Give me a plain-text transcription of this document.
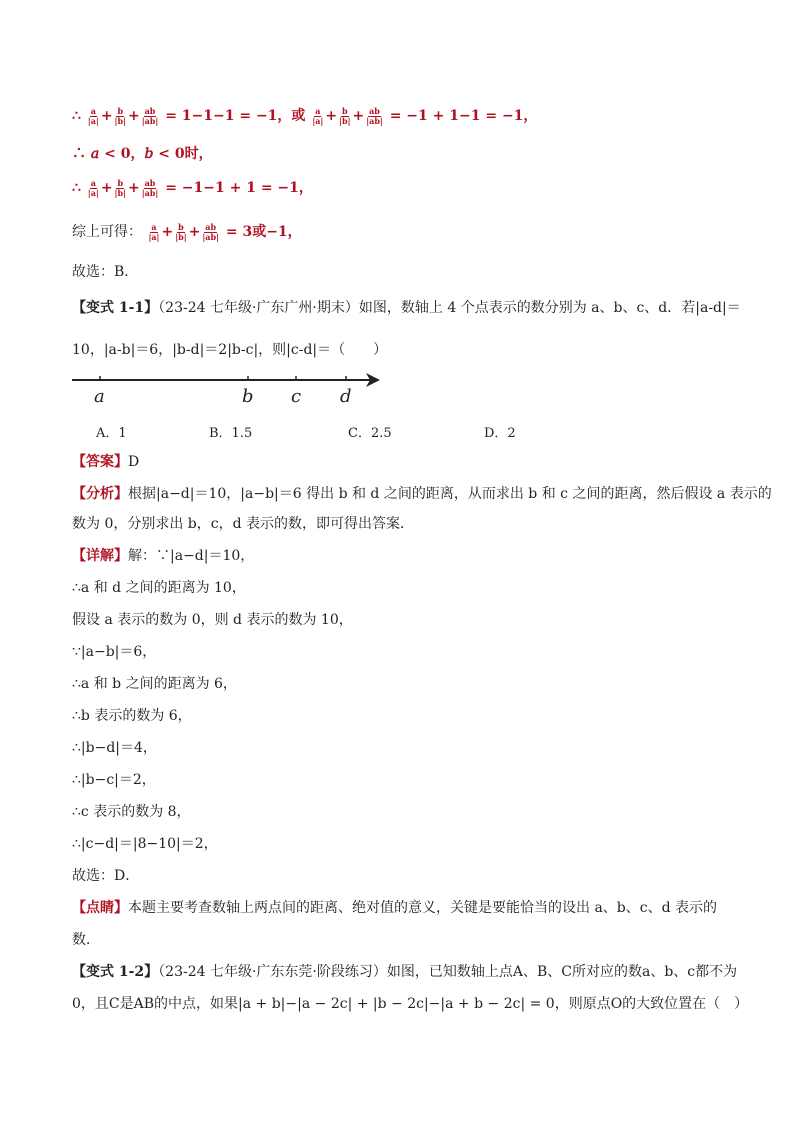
∴ $\frac{a}{|a|} + \frac{b}{|b|} + \frac{ab}{|ab|} = 1-1-1 = -1$，或 $\frac{a}{|a|} + \frac{b}{|b|} + \frac{ab}{|ab|} = -1 + 1-1 = -1$，
∴ 𝑎 < 0，𝑏 < 0时，
∴ $\frac{a}{|a|} + \frac{b}{|b|} + \frac{ab}{|ab|} = -1-1 + 1 = -1$，
综上可得： $\frac{a}{|a|} + \frac{b}{|b|} + \frac{ab}{|ab|} = 3$或−1，
故选：B．
【变式 1-1】（23-24 七年级·广东广州·期末）如图，数轴上 4 个点表示的数分别为 a、b、c、d．若|a-d|＝
10，|a-b|＝6，|b-d|＝2|b-c|，则|c-d|＝（　　）
a	b c d
A．1	B．1.5	C．2.5	D．2
【答案】D
【分析】根据|a−d|＝10，|a−b|＝6 得出 b 和 d 之间的距离，从而求出 b 和 c 之间的距离，然后假设 a 表示的
数为 0，分别求出 b，c，d 表示的数，即可得出答案．
【详解】解：∵|a−d|＝10，
∴a 和 d 之间的距离为 10，
假设 a 表示的数为 0，则 d 表示的数为 10，
∵|a−b|＝6，
∴a 和 b 之间的距离为 6，
∴b 表示的数为 6，
∴|b−d|＝4，
∴|b−c|＝2，
∴c 表示的数为 8，
∴|c−d|＝|8−10|＝2，
故选：D．
【点睛】本题主要考查数轴上两点间的距离、绝对值的意义，关键是要能恰当的设出 a、b、c、d 表示的
数．
【变式 1-2】（23-24 七年级·广东东莞·阶段练习）如图，已知数轴上点A、B、C所对应的数a、b、c都不为
0，且C是AB的中点，如果|a + b|−|a − 2c| + |b − 2c|−|a + b − 2c| = 0，则原点O的大致位置在（　）
